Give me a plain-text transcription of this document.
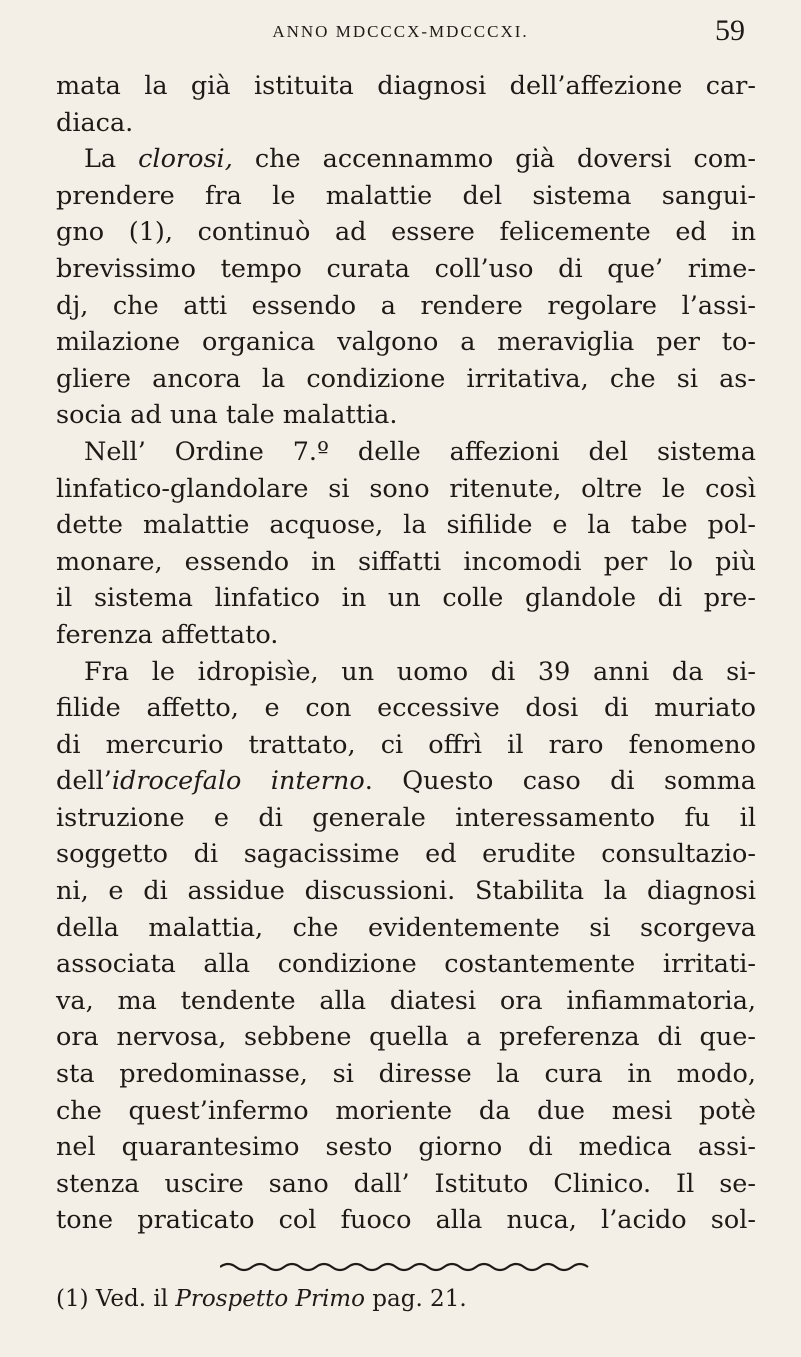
ANNO MDCCCX-MDCCCXI.	59
mata la già istituita diagnosi dell’affezione car-
diaca.
La clorosi, che accennammo già doversi com-
prendere fra le malattie del sistema sangui-
gno (1), continuò ad essere felicemente ed in
brevissimo tempo curata coll’uso di que’ rime-
dj, che atti essendo a rendere regolare l’assi-
milazione organica valgono a meraviglia per to-
gliere ancora la condizione irritativa, che si as-
socia ad una tale malattia.
Nell’ Ordine 7.º delle affezioni del sistema
linfatico-glandolare si sono ritenute, oltre le così
dette malattie acquose, la sifilide e la tabe pol-
monare, essendo in siffatti incomodi per lo più
il sistema linfatico in un colle glandole di pre-
ferenza affettato.
Fra le idropisìe, un uomo di 39 anni da si-
filide affetto, e con eccessive dosi di muriato
di mercurio trattato, ci offrì il raro fenomeno
dell’idrocefalo interno. Questo caso di somma
istruzione e di generale interessamento fu il
soggetto di sagacissime ed erudite consultazio-
ni, e di assidue discussioni. Stabilita la diagnosi
della malattia, che evidentemente si scorgeva
associata alla condizione costantemente irritati-
va, ma tendente alla diatesi ora infiammatoria,
ora nervosa, sebbene quella a preferenza di que-
sta predominasse, si diresse la cura in modo,
che quest’infermo moriente da due mesi potè
nel quarantesimo sesto giorno di medica assi-
stenza uscire sano dall’ Istituto Clinico. Il se-
tone praticato col fuoco alla nuca, l’acido sol-
(1) Ved. il Prospetto Primo pag. 21.
